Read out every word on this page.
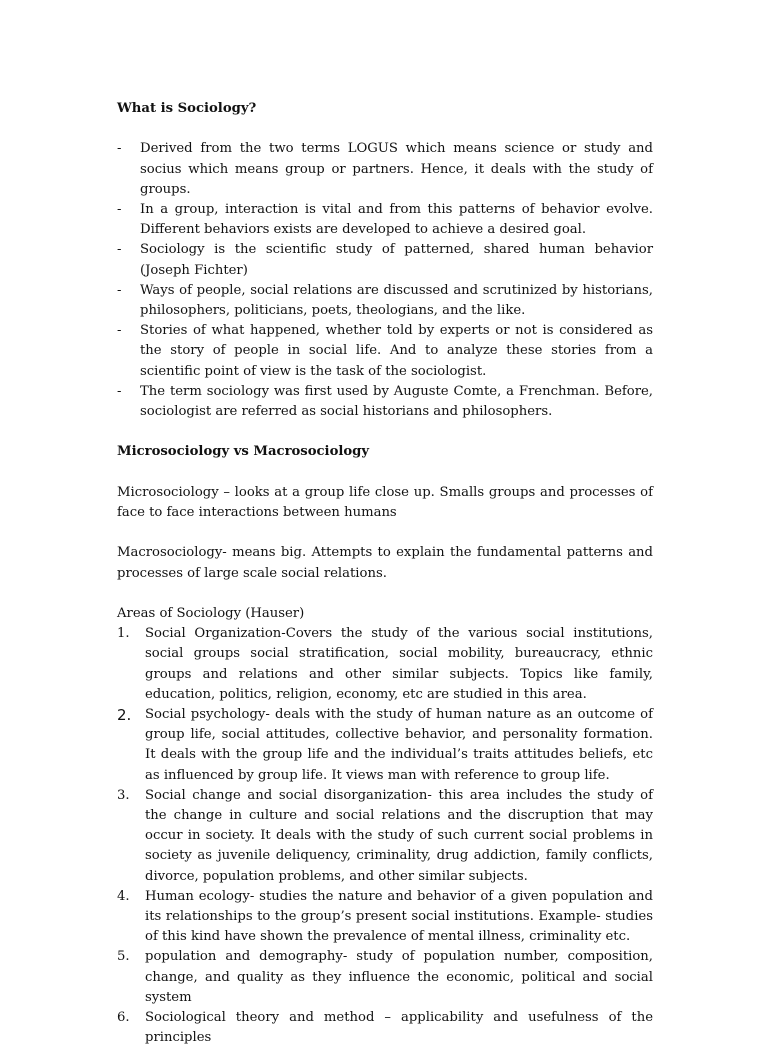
What is Sociology?
- Derived from the two terms LOGUS which means science or study and socius which means group or partners. Hence, it deals with the study of groups.
- In a group, interaction is vital and from this patterns of behavior evolve. Different behaviors exists are developed to achieve a desired goal.
- Sociology is the scientific study of patterned, shared human behavior (Joseph Fichter)
- Ways of people, social relations are discussed and scrutinized by historians, philosophers, politicians, poets, theologians, and the like.
- Stories of what happened, whether told by experts or not is considered as the story of people in social life. And to analyze these stories from a scientific point of view is the task of the sociologist.
- The term sociology was first used by Auguste Comte, a Frenchman. Before, sociologist are referred as social historians and philosophers.
Microsociology vs Macrosociology

Microsociology – looks at a group life close up. Smalls groups and processes of face to face interactions between humans

Macrosociology- means big. Attempts to explain the fundamental patterns and processes of large scale social relations.

Areas of Sociology (Hauser)

1. Social Organization-Covers the study of the various social institutions, social groups social stratification, social mobility, bureaucracy, ethnic groups and relations and other similar subjects. Topics like family, education, politics, religion, economy, etc are studied in this area.
2. Social psychology- deals with the study of human nature as an outcome of group life, social attitudes, collective behavior, and personality formation. It deals with the group life and the individual’s traits attitudes beliefs, etc as influenced by group life. It views man with reference to group life.
3. Social change and social disorganization- this area includes the study of the change in culture and social relations and the discruption that may occur in society. It deals with the study of such current social problems in society as juvenile deliquency, criminality, drug addiction, family conflicts, divorce, population problems, and other similar subjects.
4. Human ecology- studies the nature and behavior of a given population and its relationships to the group’s present social institutions. Example- studies of this kind have shown the prevalence of mental illness, criminality etc.
5. population and demography- study of population number, composition, change, and quality as they influence the economic, political and social system
6. Sociological theory and method – applicability and usefulness of the principles
